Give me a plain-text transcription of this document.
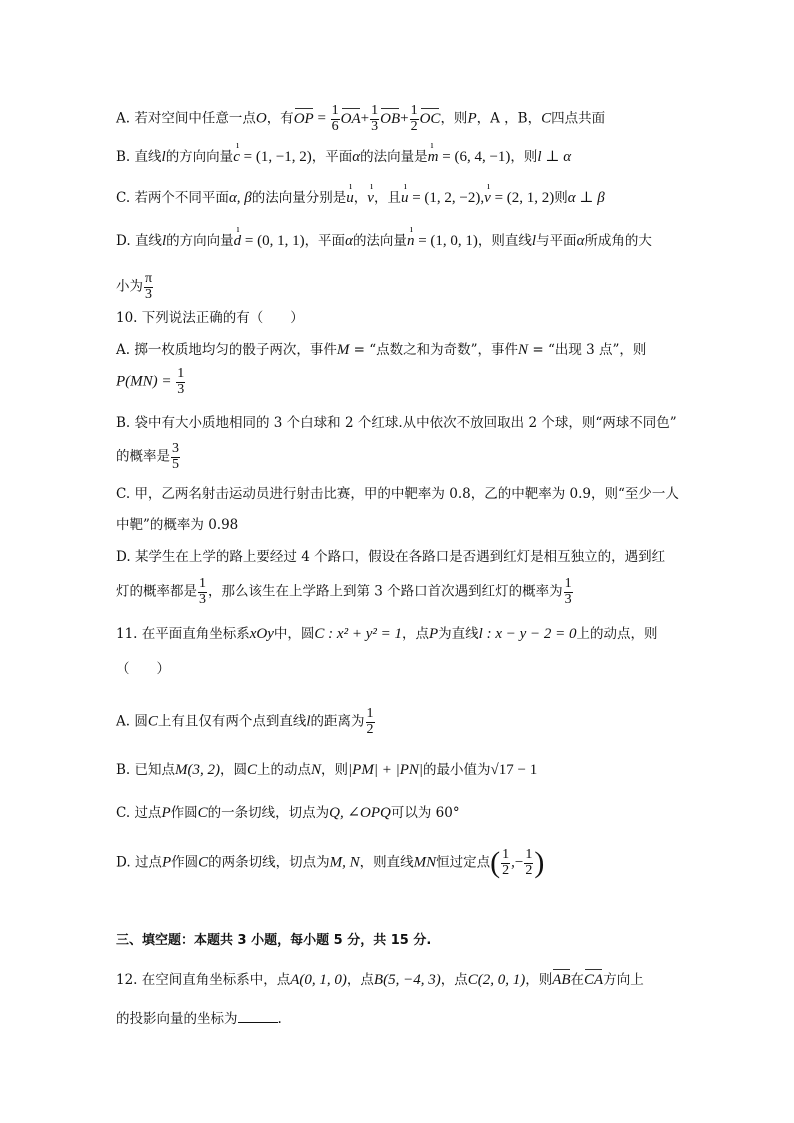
A. 若对空间中任意一点O，有OP = $\frac{1}{6} OA+ \frac{1}{3} OB+ \frac{1}{2}$ OC，则P，A ，B，C四点共面
B. 直线l的方向向量ı c = (1, −1, 2)，平面α的法向量是ı m = (6, 4, −1)，则l ⊥ α
C. 若两个不同平面α, β的法向量分别是ı u，ı v，且ı u = (1, 2, −2),ı v = (2, 1, 2)则α ⊥ β
D. 直线l的方向向量ı d = (0, 1, 1)，平面α的法向量ı n = (1, 0, 1)，则直线l与平面α所成角的大
小为 $\frac{\pi}{3}$
10. 下列说法正确的有（　　）
A. 掷一枚质地均匀的骰子两次，事件M = “点数之和为奇数”，事件N = “出现 3 点”，则
$P(MN) = \frac{1}{3}$
B. 袋中有大小质地相同的 3 个白球和 2 个红球.从中依次不放回取出 2 个球，则“两球不同色”
的概率是 $\frac{3}{5}$
C. 甲，乙两名射击运动员进行射击比赛，甲的中靶率为 0.8，乙的中靶率为 0.9，则“至少一人
中靶”的概率为 0.98
D. 某学生在上学的路上要经过 4 个路口，假设在各路口是否遇到红灯是相互独立的，遇到红
灯的概率都是 $\frac{1}{3}$ ，那么该生在上学路上到第 3 个路口首次遇到红灯的概率为 $\frac{1}{3}$
11. 在平面直角坐标系xOy中，圆C : x² + y² = 1，点P为直线l : x − y − 2 = 0上的动点，则
（　　）
A. 圆C上有且仅有两个点到直线l的距离为 $\frac{1}{2}$
B. 已知点M(3, 2)，圆C上的动点N，则|PM| + |PN|的最小值为√17 − 1
C. 过点P作圆C的一条切线，切点为Q, ∠OPQ可以为 60°
D. 过点P作圆C的两条切线，切点为M, N，则直线MN恒过定点( $\frac{1}{2}$ ,− $\frac{1}{2}$ )
三、填空题：本题共 3 小题，每小题 5 分，共 15 分.
12. 在空间直角坐标系中，点A(0, 1, 0)，点B(5, −4, 3)，点C(2, 0, 1)，则AB在CA方向上
的投影向量的坐标为	.
